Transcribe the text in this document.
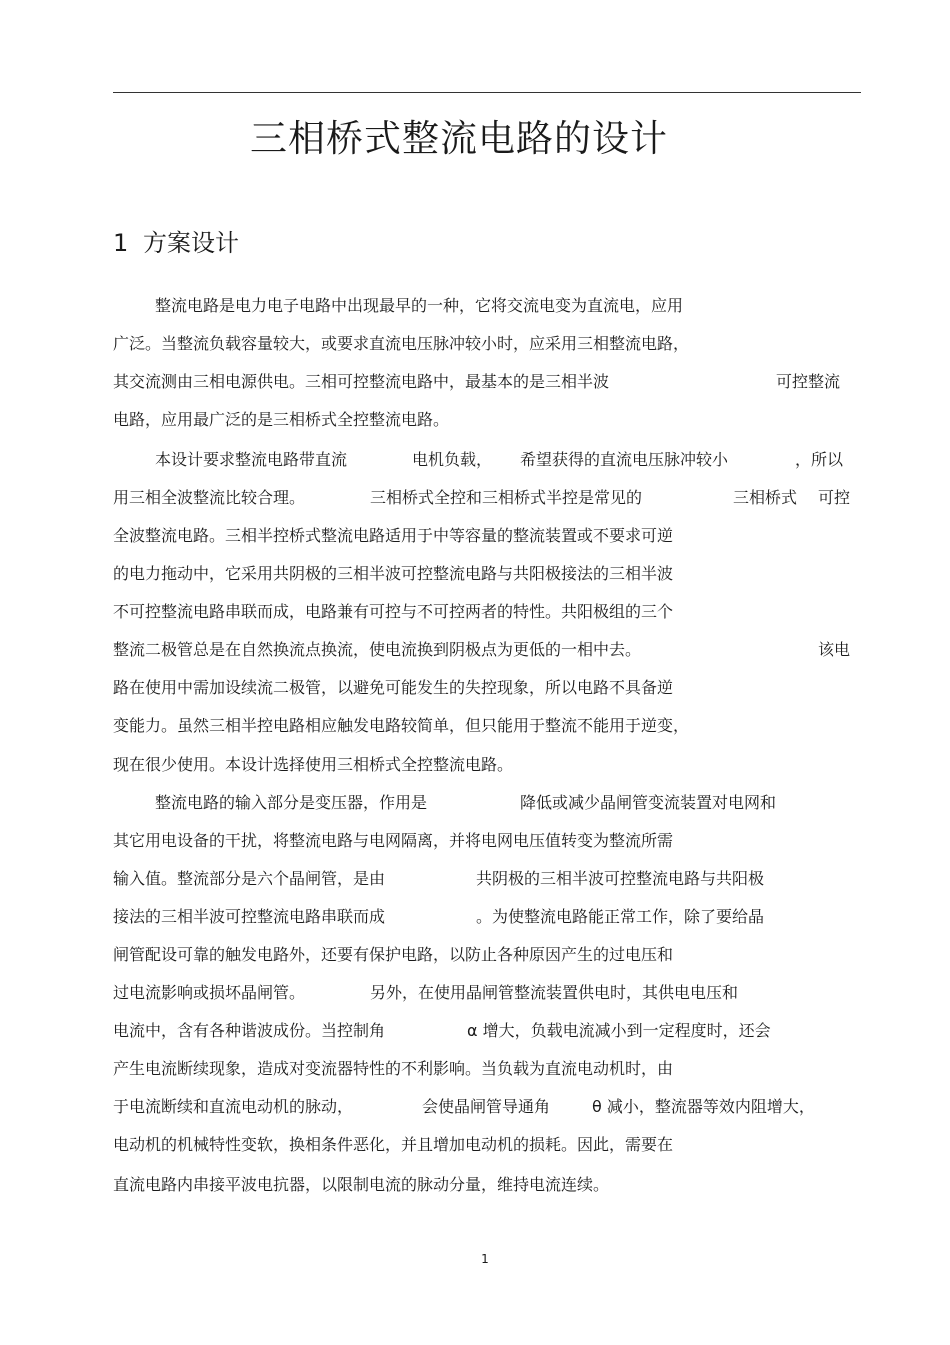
三相桥式整流电路的设计
1 方案设计
整流电路是电力电子电路中出现最早的一种，它将交流电变为直流电，应用
广泛。当整流负载容量较大，或要求直流电压脉冲较小时，应采用三相整流电路，
其交流测由三相电源供电。三相可控整流电路中，最基本的是三相半波	可控整流
电路，应用最广泛的是三相桥式全控整流电路。
本设计要求整流电路带直流	电机负载， 希望获得的直流电压脉冲较小	，所以
用三相全波整流比较合理。	三相桥式全控和三相桥式半控是常见的	三相桥式 可控
全波整流电路。三相半控桥式整流电路适用于中等容量的整流装置或不要求可逆
的电力拖动中，它采用共阴极的三相半波可控整流电路与共阳极接法的三相半波
不可控整流电路串联而成，电路兼有可控与不可控两者的特性。共阳极组的三个
整流二极管总是在自然换流点换流，使电流换到阴极点为更低的一相中去。	该电
路在使用中需加设续流二极管，以避免可能发生的失控现象，所以电路不具备逆
变能力。虽然三相半控电路相应触发电路较简单，但只能用于整流不能用于逆变，
现在很少使用。本设计选择使用三相桥式全控整流电路。
整流电路的输入部分是变压器，作用是	降低或减少晶闸管变流装置对电网和
其它用电设备的干扰，将整流电路与电网隔离，并将电网电压值转变为整流所需
输入值。整流部分是六个晶闸管，是由	共阴极的三相半波可控整流电路与共阳极
接法的三相半波可控整流电路串联而成	。为使整流电路能正常工作，除了要给晶
闸管配设可靠的触发电路外，还要有保护电路，以防止各种原因产生的过电压和
过电流影响或损坏晶闸管。	另外，在使用晶闸管整流装置供电时，其供电电压和
电流中，含有各种谐波成份。当控制角	α 增大，负载电流减小到一定程度时，还会
产生电流断续现象，造成对变流器特性的不利影响。当负载为直流电动机时，由
于电流断续和直流电动机的脉动，	会使晶闸管导通角	θ 减小，整流器等效内阻增大，
电动机的机械特性变软，换相条件恶化，并且增加电动机的损耗。因此，需要在
直流电路内串接平波电抗器，以限制电流的脉动分量，维持电流连续。
1
